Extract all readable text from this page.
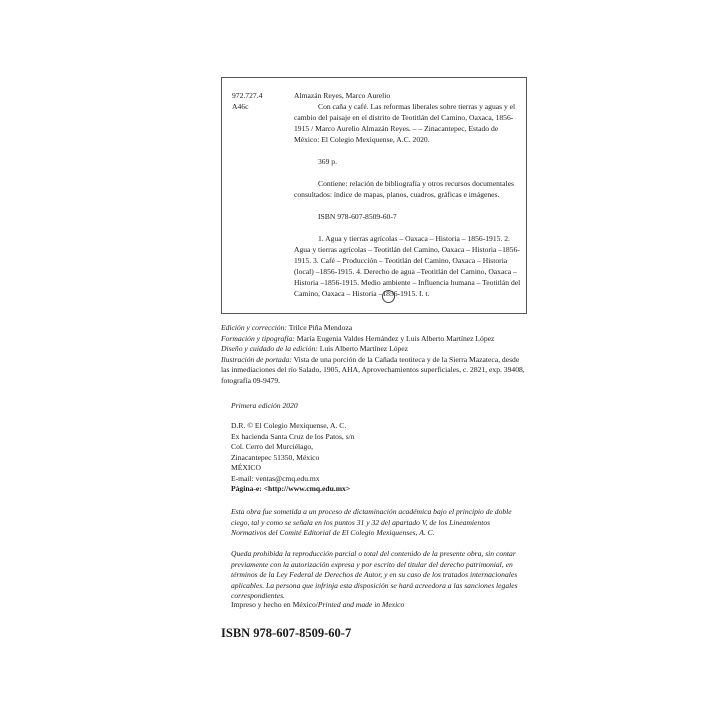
972.727.4
A46c

Almazán Reyes, Marco Aurelio

Con caña y café. Las reformas liberales sobre tierras y aguas y el cambio del paisaje en el distrito de Teotitlán del Camino, Oaxaca, 1856-1915 / Marco Aurelio Almazán Reyes. – – Zinacantepec, Estado de México: El Colegio Mexiquense, A.C. 2020.

369 p.

Contiene: relación de bibliografía y otros recursos documentales consultados: índice de mapas, planos, cuadros, gráficas e imágenes.

ISBN 978-607-8509-60-7

1. Agua y tierras agrícolas – Oaxaca – Historia – 1856-1915. 2. Agua y tierras agrícolas – Teotitlán del Camino, Oaxaca – Historia –1856-1915. 3. Café – Producción – Teotitlán del Camino, Oaxaca – Historia (local) –1856-1915. 4. Derecho de agua –Teotitlán del Camino, Oaxaca – Historia –1856-1915. Medio ambiente – Influencia humana – Teotitlán del Camino, Oaxaca – Historia –1856-1915. I. t.

Edición y corrección: Trilce Piña Mendoza

Formación y tipografía: María Eugenia Valdes Hernández y Luis Alberto Martínez López

Diseño y cuidado de la edición: Luis Alberto Martínez López

Ilustración de portada: Vista de una porción de la Cañada teotiteca y de la Sierra Mazateca, desde las inmediaciones del río Salado, 1905, AHA, Aprovechamientos superficiales, c. 2821, exp. 39408, fotografía 09-9479.

Primera edición 2020

D.R. © El Colegio Mexiquense, A. C.

Ex hacienda Santa Cruz de los Patos, s/n

Col. Cerro del Murciélago,

Zinacantepec 51350, México

MÉXICO

E-mail: ventas@cmq.edu.mx

Página-e: <http://www.cmq.edu.mx>

Esta obra fue sometida a un proceso de dictaminación académica bajo el principio de doble ciego, tal y como se señala en los puntos 31 y 32 del apartado V, de los Lineamientos Normativos del Comité Editorial de El Colegio Mexiquenses, A. C.
Queda prohibida la reproducción parcial o total del contenido de la presente obra, sin contar previamente con la autorización expresa y por escrito del titular del derecho patrimonial, en términos de la Ley Federal de Derechos de Autor, y en su caso de los tratados internacionales aplicables. La persona que infrinja esta disposición se hará acreedora a las sanciones legales correspondientes.
Impreso y hecho en México/Printed and made in Mexico
ISBN 978-607-8509-60-7
